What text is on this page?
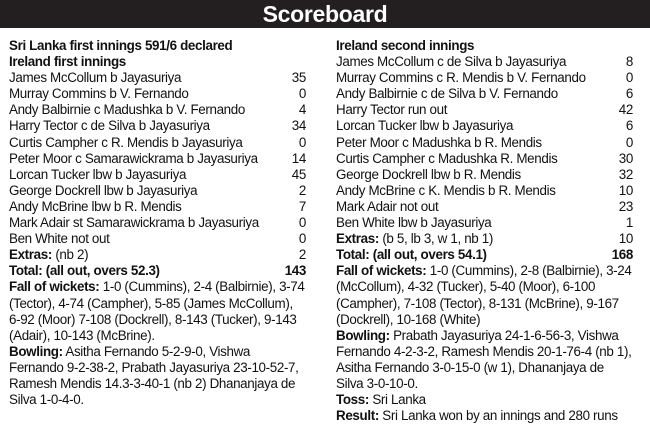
Scoreboard
Sri Lanka first innings 591/6 declared
Ireland first innings
James McCollum b Jayasuriya	35
Murray Commins b V. Fernando	0
Andy Balbirnie c Madushka b V. Fernando	4
Harry Tector c de Silva b Jayasuriya	34
Curtis Campher c R. Mendis b Jayasuriya	0
Peter Moor c Samarawickrama b Jayasuriya	14
Lorcan Tucker lbw b Jayasuriya	45
George Dockrell lbw b Jayasuriya	2
Andy McBrine lbw b R. Mendis	7
Mark Adair st Samarawickrama b Jayasuriya	0
Ben White not out	0
Extras: (nb 2)	2
Total: (all out, overs 52.3)	143
Fall of wickets: 1-0 (Cummins), 2-4 (Balbirnie), 3-74 (Tector), 4-74 (Campher), 5-85 (James McCollum), 6-92 (Moor) 7-108 (Dockrell), 8-143 (Tucker), 9-143 (Adair), 10-143 (McBrine).
Bowling: Asitha Fernando 5-2-9-0, Vishwa Fernando 9-2-38-2, Prabath Jayasuriya 23-10-52-7, Ramesh Mendis 14.3-3-40-1 (nb 2) Dhananjaya de Silva 1-0-4-0.
Ireland second innings
James McCollum c de Silva b Jayasuriya	8
Murray Commins c R. Mendis b V. Fernando	0
Andy Balbirnie c de Silva b V. Fernando	6
Harry Tector run out	42
Lorcan Tucker lbw b Jayasuriya	6
Peter Moor c Madushka b R. Mendis	0
Curtis Campher c Madushka R. Mendis	30
George Dockrell lbw b R. Mendis	32
Andy McBrine c K. Mendis b R. Mendis	10
Mark Adair not out	23
Ben White lbw b Jayasuriya	1
Extras: (b 5, lb 3, w 1, nb 1)	10
Total: (all out, overs 54.1)	168
Fall of wickets: 1-0 (Cummins), 2-8 (Balbirnie), 3-24 (McCollum), 4-32 (Tucker), 5-40 (Moor), 6-100 (Campher), 7-108 (Tector), 8-131 (McBrine), 9-167 (Dockrell), 10-168 (White)
Bowling: Prabath Jayasuriya 24-1-6-56-3, Vishwa Fernando 4-2-3-2, Ramesh Mendis 20-1-76-4 (nb 1), Asitha Fernando 3-0-15-0 (w 1), Dhananjaya de Silva 3-0-10-0.
Toss: Sri Lanka
Result: Sri Lanka won by an innings and 280 runs
